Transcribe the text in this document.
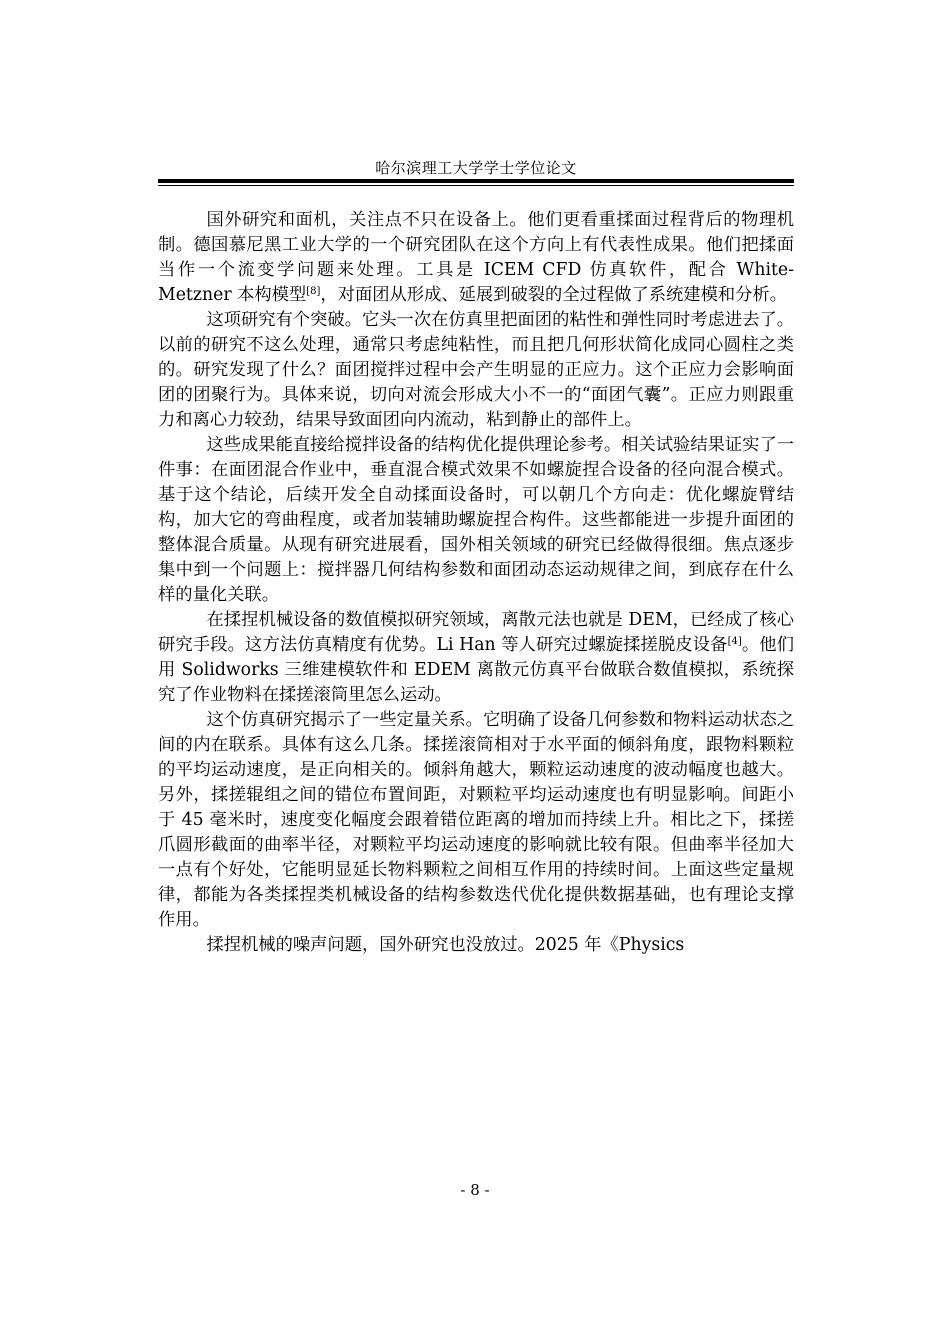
哈尔滨理工大学学士学位论文

国外研究和面机，关注点不只在设备上。他们更看重揉面过程背后的物理机制。德国慕尼黑工业大学的一个研究团队在这个方向上有代表性成果。他们把揉面当作一个流变学问题来处理。工具是 ICEM CFD 仿真软件，配合 White-Metzner 本构模型[8]，对面团从形成、延展到破裂的全过程做了系统建模和分析。

这项研究有个突破。它头一次在仿真里把面团的粘性和弹性同时考虑进去了。以前的研究不这么处理，通常只考虑纯粘性，而且把几何形状简化成同心圆柱之类的。研究发现了什么？面团搅拌过程中会产生明显的正应力。这个正应力会影响面团的团聚行为。具体来说，切向对流会形成大小不一的“面团气囊”。正应力则跟重力和离心力较劲，结果导致面团向内流动，粘到静止的部件上。

这些成果能直接给搅拌设备的结构优化提供理论参考。相关试验结果证实了一件事：在面团混合作业中，垂直混合模式效果不如螺旋捏合设备的径向混合模式。基于这个结论，后续开发全自动揉面设备时，可以朝几个方向走：优化螺旋臂结构，加大它的弯曲程度，或者加装辅助螺旋捏合构件。这些都能进一步提升面团的整体混合质量。从现有研究进展看，国外相关领域的研究已经做得很细。焦点逐步集中到一个问题上：搅拌器几何结构参数和面团动态运动规律之间，到底存在什么样的量化关联。

在揉捏机械设备的数值模拟研究领域，离散元法也就是 DEM，已经成了核心研究手段。这方法仿真精度有优势。Li Han 等人研究过螺旋揉搓脱皮设备[4]。他们用 Solidworks 三维建模软件和 EDEM 离散元仿真平台做联合数值模拟，系统探究了作业物料在揉搓滚筒里怎么运动。

这个仿真研究揭示了一些定量关系。它明确了设备几何参数和物料运动状态之间的内在联系。具体有这么几条。揉搓滚筒相对于水平面的倾斜角度，跟物料颗粒的平均运动速度，是正向相关的。倾斜角越大，颗粒运动速度的波动幅度也越大。另外，揉搓辊组之间的错位布置间距，对颗粒平均运动速度也有明显影响。间距小于 45 毫米时，速度变化幅度会跟着错位距离的增加而持续上升。相比之下，揉搓爪圆形截面的曲率半径，对颗粒平均运动速度的影响就比较有限。但曲率半径加大一点有个好处，它能明显延长物料颗粒之间相互作用的持续时间。上面这些定量规律，都能为各类揉捏类机械设备的结构参数迭代优化提供数据基础，也有理论支撑作用。

揉捏机械的噪声问题，国外研究也没放过。2025 年《Physics

- 8 -
